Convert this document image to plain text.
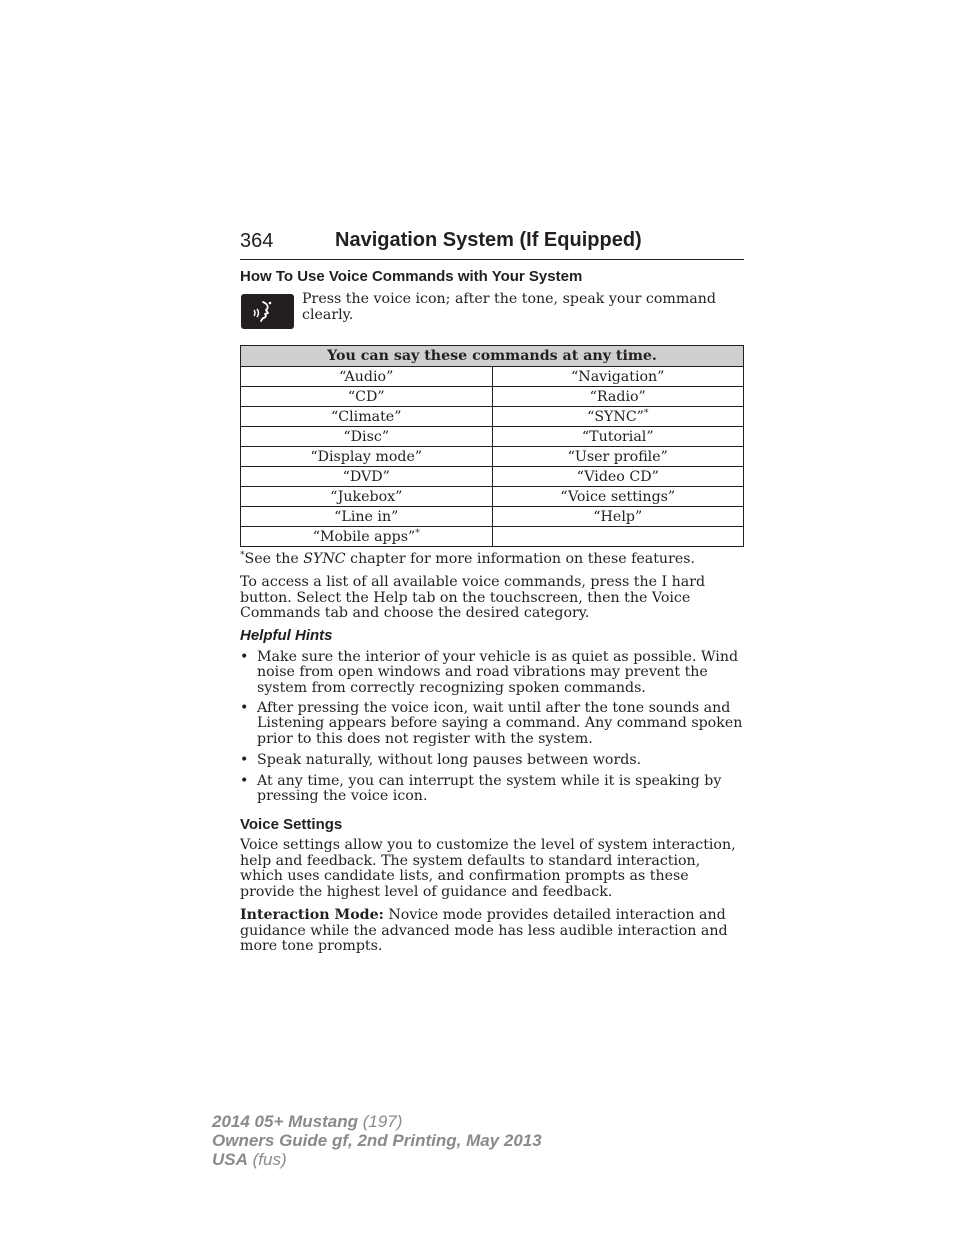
364	Navigation System (If Equipped)
How To Use Voice Commands with Your System
Press the voice icon; after the tone, speak your command clearly.
You can say these commands at any time.	
“Audio”	“Navigation”
“CD”	“Radio”
“Climate”	“SYNC”*
“Disc”	“Tutorial”
“Display mode”	“User profile”
“DVD”	“Video CD”
“Jukebox”	“Voice settings”
“Line in”	“Help”
“Mobile apps”*	
*See the SYNC chapter for more information on these features.
To access a list of all available voice commands, press the I hard button. Select the Help tab on the touchscreen, then the Voice Commands tab and choose the desired category.
Helpful Hints
• Make sure the interior of your vehicle is as quiet as possible. Wind noise from open windows and road vibrations may prevent the system from correctly recognizing spoken commands.
• After pressing the voice icon, wait until after the tone sounds and Listening appears before saying a command. Any command spoken prior to this does not register with the system.
• Speak naturally, without long pauses between words.
• At any time, you can interrupt the system while it is speaking by pressing the voice icon.
Voice Settings
Voice settings allow you to customize the level of system interaction, help and feedback. The system defaults to standard interaction, which uses candidate lists, and confirmation prompts as these provide the highest level of guidance and feedback.
Interaction Mode: Novice mode provides detailed interaction and guidance while the advanced mode has less audible interaction and more tone prompts.
2014 05+ Mustang (197)
Owners Guide gf, 2nd Printing, May 2013
USA (fus)
